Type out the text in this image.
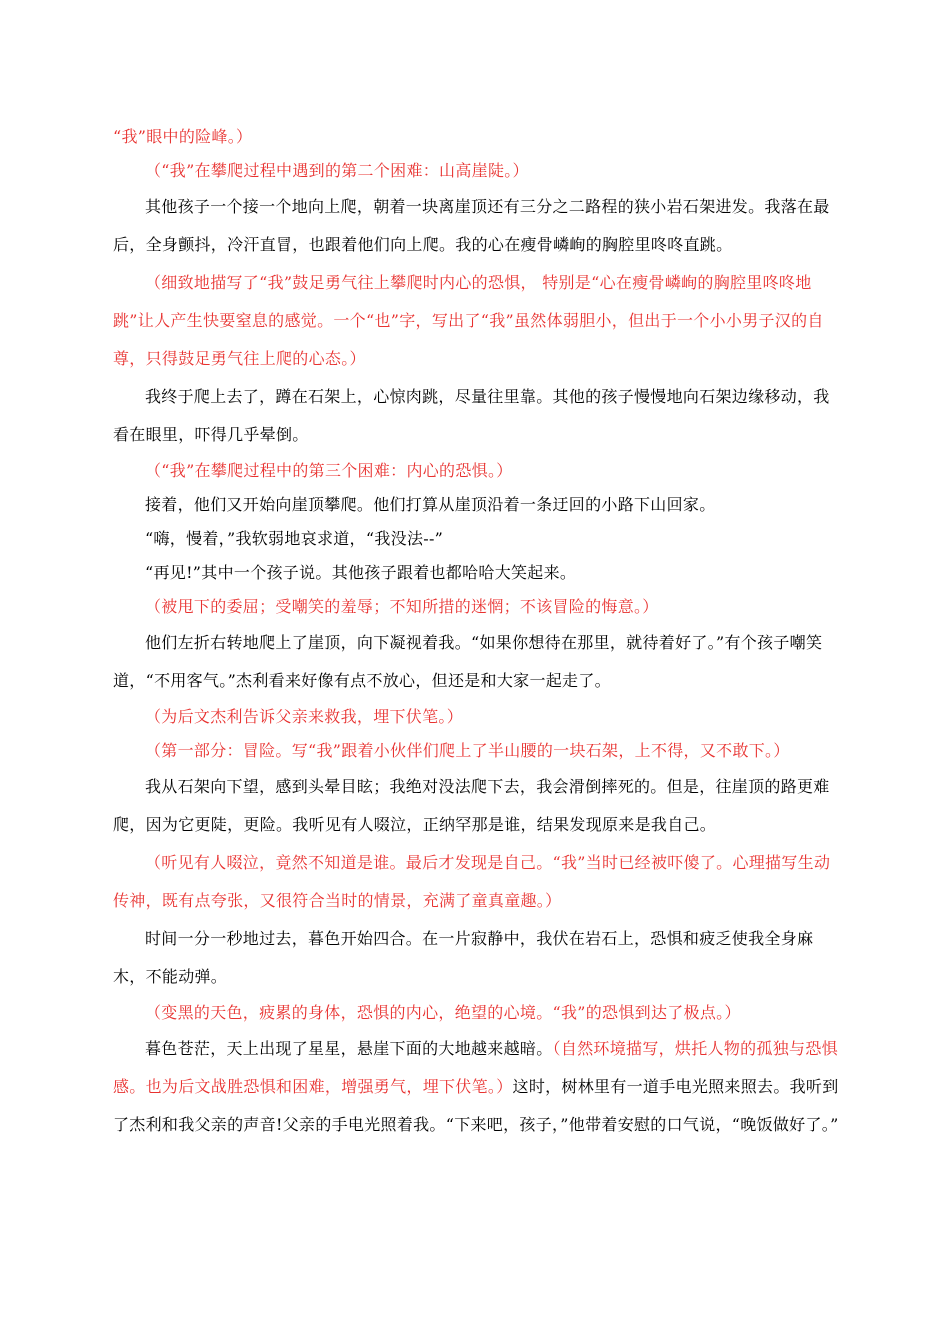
“我”眼中的险峰。）

（“我”在攀爬过程中遇到的第二个困难：山高崖陡。）

其他孩子一个接一个地向上爬，朝着一块离崖顶还有三分之二路程的狭小岩石架进发。我落在最后，全身颤抖，冷汗直冒，也跟着他们向上爬。我的心在瘦骨嶙峋的胸腔里咚咚直跳。

（细致地描写了“我”鼓足勇气往上攀爬时内心的恐惧， 特别是“心在瘦骨嶙峋的胸腔里咚咚地跳”让人产生快要窒息的感觉。一个“也”字，写出了“我”虽然体弱胆小，但出于一个小小男子汉的自尊，只得鼓足勇气往上爬的心态。）

我终于爬上去了，蹲在石架上，心惊肉跳，尽量往里靠。其他的孩子慢慢地向石架边缘移动，我看在眼里，吓得几乎晕倒。

（“我”在攀爬过程中的第三个困难：内心的恐惧。）

接着，他们又开始向崖顶攀爬。他们打算从崖顶沿着一条迂回的小路下山回家。

“嗨，慢着，”我软弱地哀求道，“我没法--”

“再见!”其中一个孩子说。其他孩子跟着也都哈哈大笑起来。

（被甩下的委屈；受嘲笑的羞辱；不知所措的迷惘；不该冒险的悔意。）

他们左折右转地爬上了崖顶，向下凝视着我。“如果你想待在那里，就待着好了。”有个孩子嘲笑道，“不用客气。”杰利看来好像有点不放心，但还是和大家一起走了。

（为后文杰利告诉父亲来救我，埋下伏笔。）

（第一部分：冒险。写“我”跟着小伙伴们爬上了半山腰的一块石架，上不得，又不敢下。）

我从石架向下望，感到头晕目眩；我绝对没法爬下去，我会滑倒摔死的。但是，往崖顶的路更难爬，因为它更陡，更险。我听见有人啜泣，正纳罕那是谁，结果发现原来是我自己。

（听见有人啜泣，竟然不知道是谁。最后才发现是自己。“我”当时已经被吓傻了。心理描写生动传神，既有点夸张，又很符合当时的情景，充满了童真童趣。）

时间一分一秒地过去，暮色开始四合。在一片寂静中，我伏在岩石上，恐惧和疲乏使我全身麻木，不能动弹。

（变黑的天色，疲累的身体，恐惧的内心，绝望的心境。“我”的恐惧到达了极点。）

暮色苍茫，天上出现了星星，悬崖下面的大地越来越暗。（自然环境描写，烘托人物的孤独与恐惧感。也为后文战胜恐惧和困难，增强勇气，埋下伏笔。）这时，树林里有一道手电光照来照去。我听到了杰利和我父亲的声音!父亲的手电光照着我。“下来吧，孩子，”他带着安慰的口气说，“晚饭做好了。”
